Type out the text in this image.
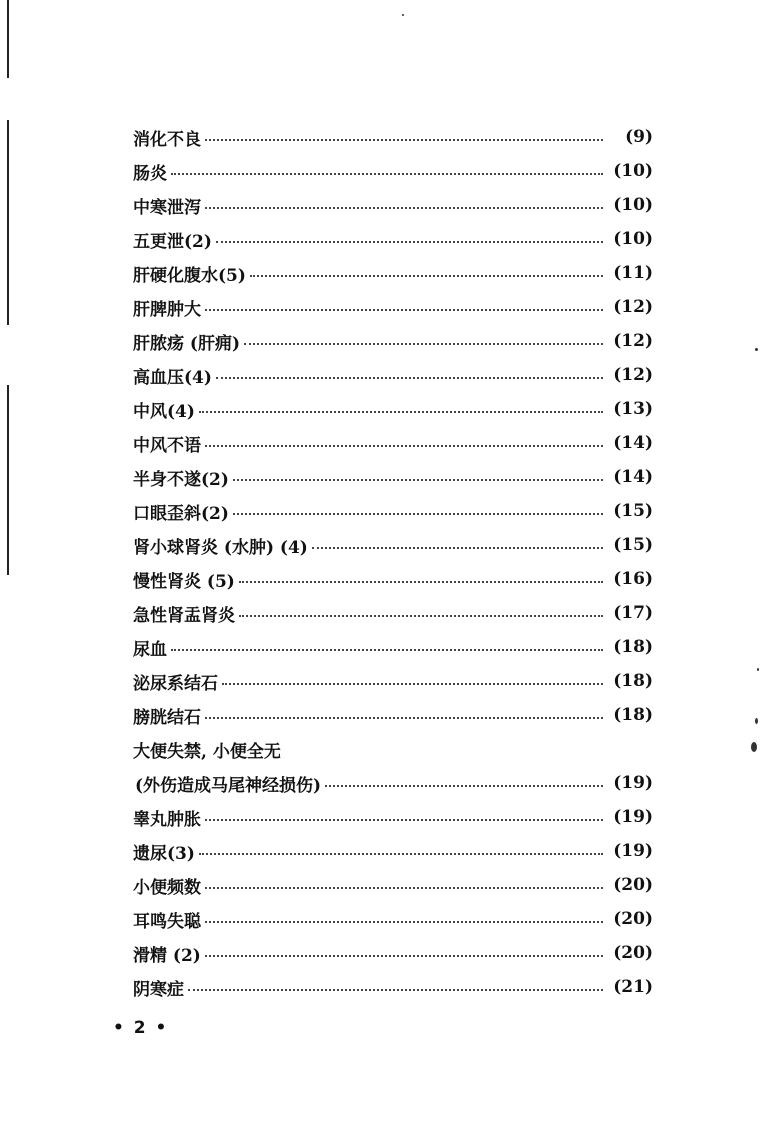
消化不良	(9)
肠炎	(10)
中寒泄泻	(10)
五更泄(2)	(10)
肝硬化腹水(5)	(11)
肝脾肿大	(12)
肝脓疡 (肝痈)	(12)
高血压(4)	(12)
中风(4)	(13)
中风不语	(14)
半身不遂(2)	(14)
口眼歪斜(2)	(15)
肾小球肾炎 (水肿) (4)	(15)
慢性肾炎 (5)	(16)
急性肾盂肾炎	(17)
尿血	(18)
泌尿系结石	(18)
膀胱结石	(18)
大便失禁, 小便全无
(外伤造成马尾神经损伤)	(19)
睾丸肿胀	(19)
遗尿(3)	(19)
小便频数	(20)
耳鸣失聪	(20)
滑精 (2)	(20)
阴寒症	(21)
• 2 •
